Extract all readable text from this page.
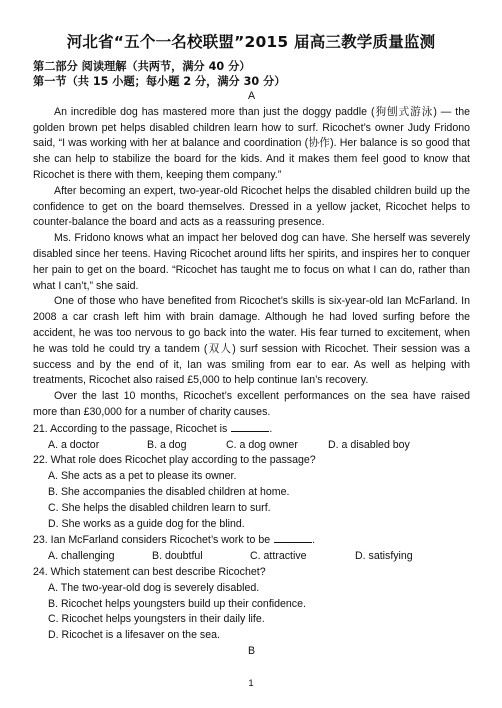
河北省“五个一名校联盟”2015 届高三教学质量监测
第二部分 阅读理解（共两节，满分 40 分）
第一节（共 15 小题；每小题 2 分，满分 30 分）
A
An incredible dog has mastered more than just the doggy paddle (狗刨式游泳) — the golden brown pet helps disabled children learn how to surf. Ricochet’s owner Judy Fridono said, “I was working with her at balance and coordination (协作). Her balance is so good that she can help to stabilize the board for the kids. And it makes them feel good to know that Ricochet is there with them, keeping them company.”
After becoming an expert, two-year-old Ricochet helps the disabled children build up the confidence to get on the board themselves. Dressed in a yellow jacket, Ricochet helps to counter-balance the board and acts as a reassuring presence.
Ms. Fridono knows what an impact her beloved dog can have. She herself was severely disabled since her teens. Having Ricochet around lifts her spirits, and inspires her to conquer her pain to get on the board. “Ricochet has taught me to focus on what I can do, rather than what I can’t,” she said.
One of those who have benefited from Ricochet’s skills is six-year-old Ian McFarland. In 2008 a car crash left him with brain damage. Although he had loved surfing before the accident, he was too nervous to go back into the water. His fear turned to excitement, when he was told he could try a tandem (双人) surf session with Ricochet. Their session was a success and by the end of it, Ian was smiling from ear to ear. As well as helping with treatments, Ricochet also raised £5,000 to help continue Ian’s recovery.
Over the last 10 months, Ricochet’s excellent performances on the sea have raised more than £30,000 for a number of charity causes.
21. According to the passage, Ricochet is	.
A. a doctor	B. a dog	C. a dog owner	D. a disabled boy
22. What role does Ricochet play according to the passage?
A. She acts as a pet to please its owner.
B. She accompanies the disabled children at home.
C. She helps the disabled children learn to surf.
D. She works as a guide dog for the blind.
23. Ian McFarland considers Ricochet’s work to be	.
A. challenging	B. doubtful	C. attractive	D. satisfying
24. Which statement can best describe Ricochet?
A. The two-year-old dog is severely disabled.
B. Ricochet helps youngsters build up their confidence.
C. Ricochet helps youngsters in their daily life.
D. Ricochet is a lifesaver on the sea.
B
1
